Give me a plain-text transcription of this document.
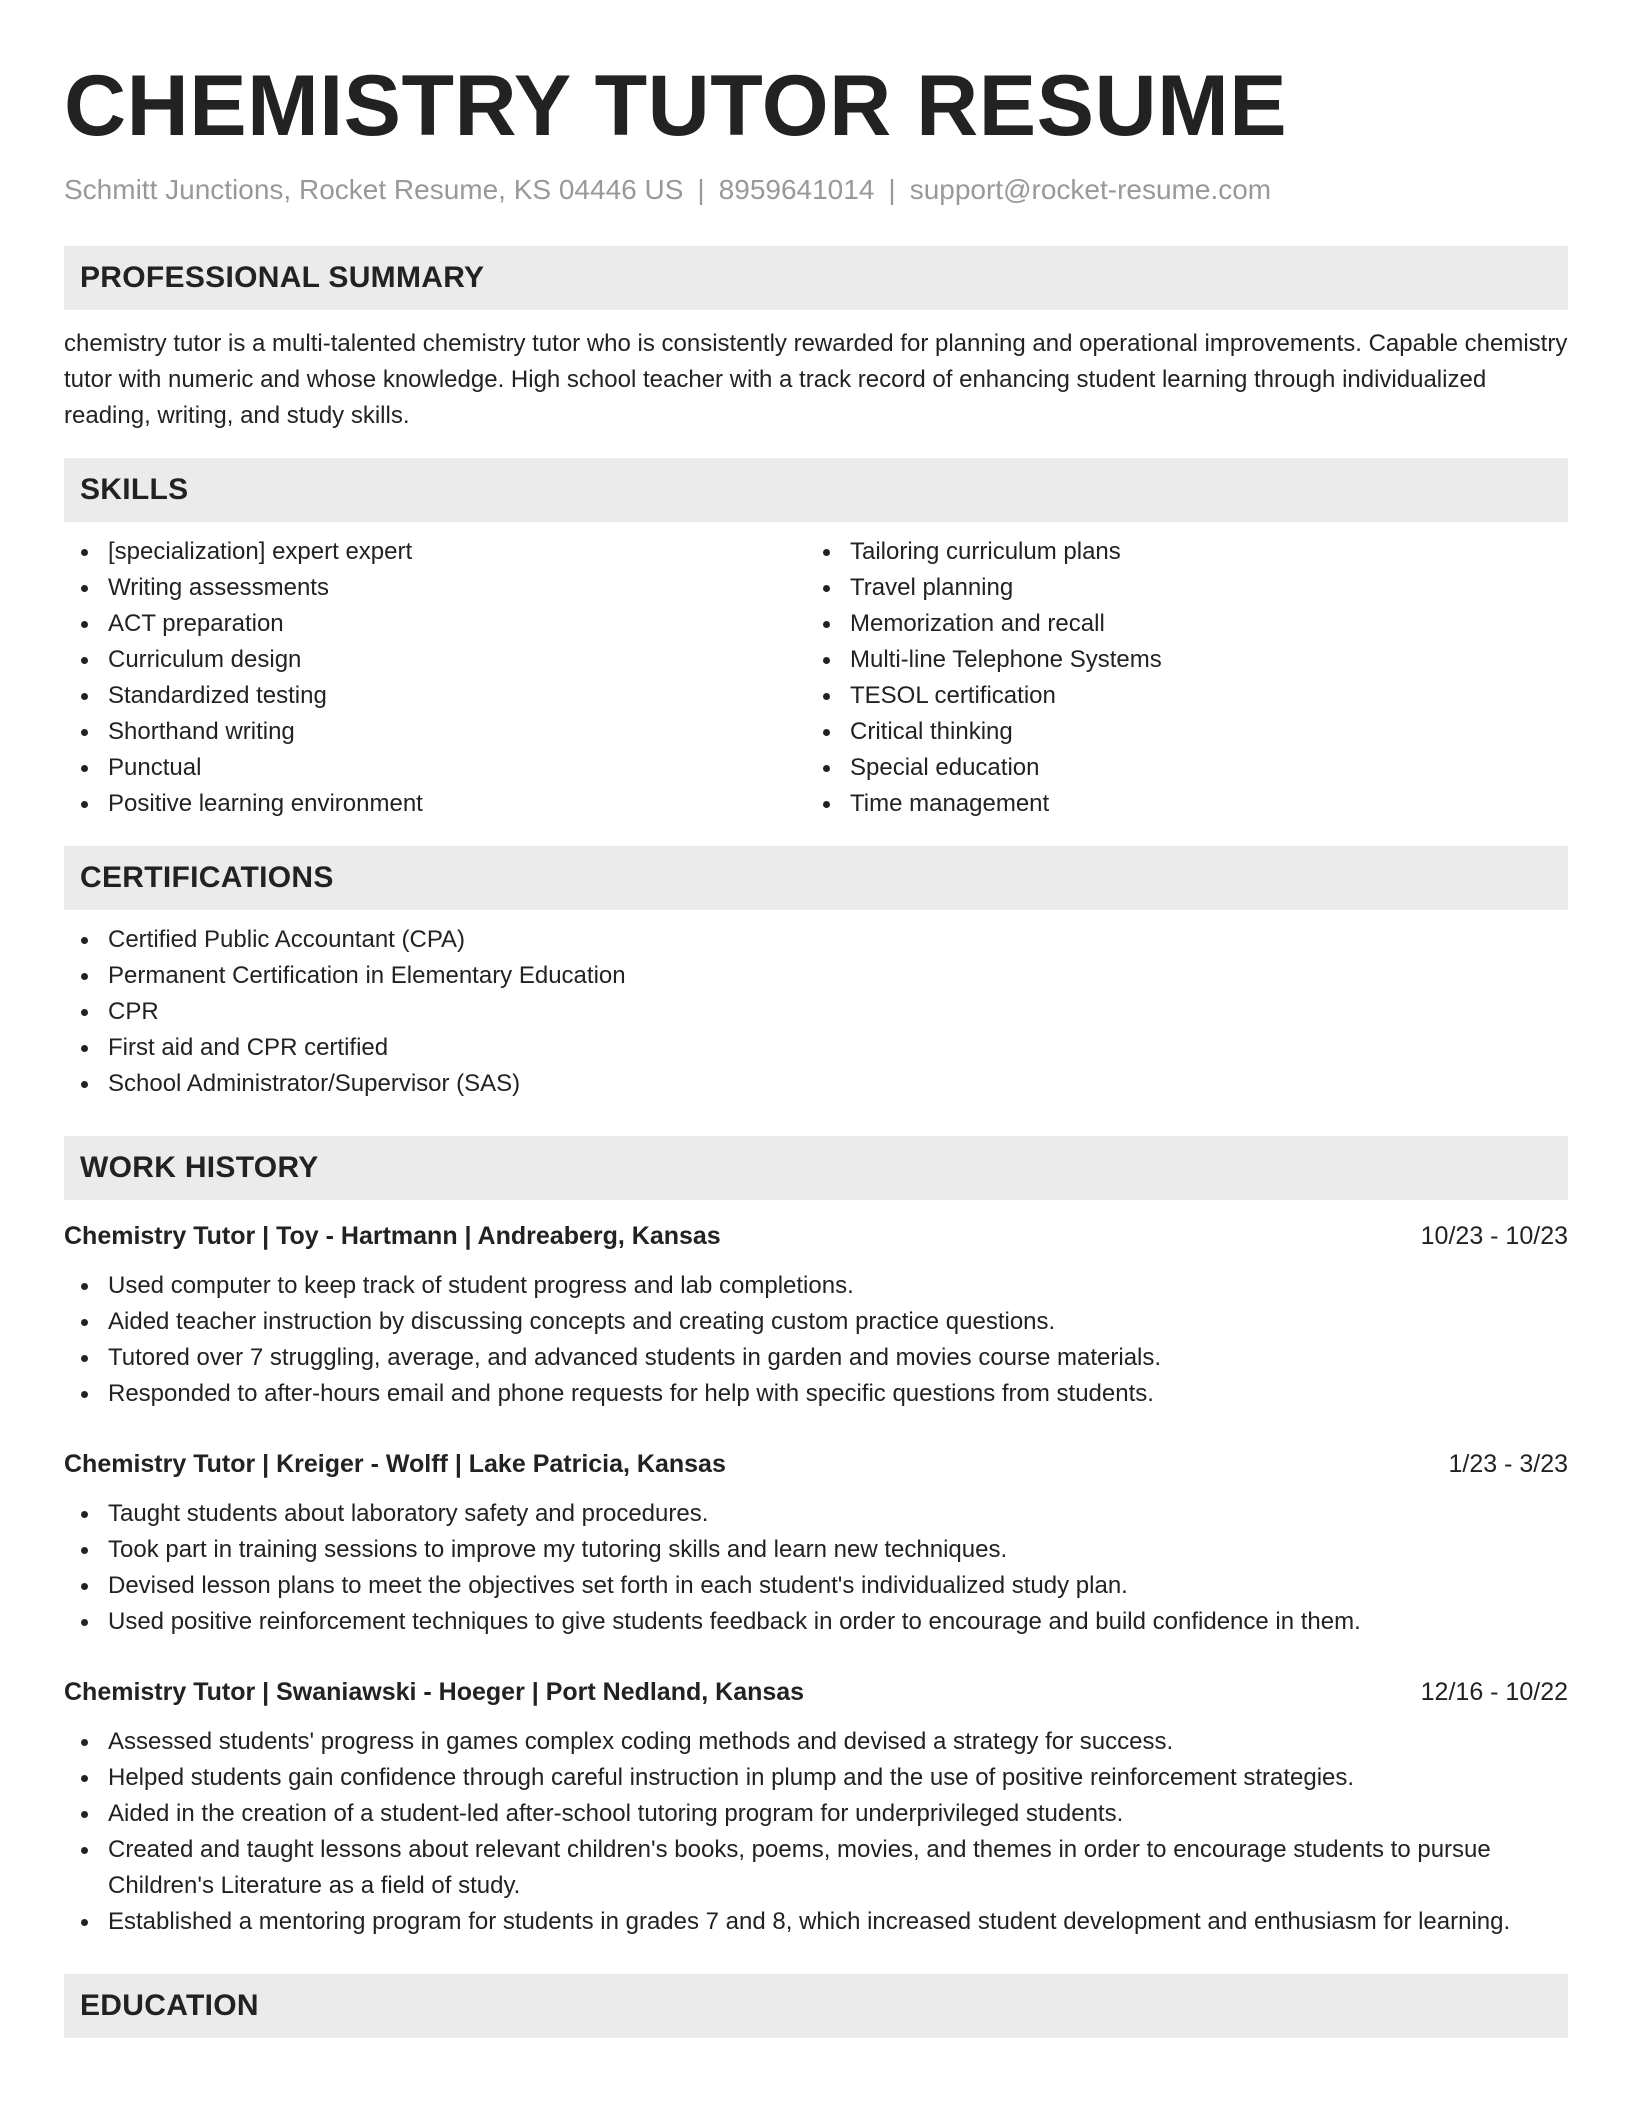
CHEMISTRY TUTOR RESUME
Schmitt Junctions, Rocket Resume, KS 04446 US | 8959641014 | support@rocket-resume.com
PROFESSIONAL SUMMARY
chemistry tutor is a multi-talented chemistry tutor who is consistently rewarded for planning and operational improvements. Capable chemistry tutor with numeric and whose knowledge. High school teacher with a track record of enhancing student learning through individualized reading, writing, and study skills.
SKILLS
[specialization] expert expert
Writing assessments
ACT preparation
Curriculum design
Standardized testing
Shorthand writing
Punctual
Positive learning environment
Tailoring curriculum plans
Travel planning
Memorization and recall
Multi-line Telephone Systems
TESOL certification
Critical thinking
Special education
Time management
CERTIFICATIONS
Certified Public Accountant (CPA)
Permanent Certification in Elementary Education
CPR
First aid and CPR certified
School Administrator/Supervisor (SAS)
WORK HISTORY
Chemistry Tutor | Toy - Hartmann | Andreaberg, Kansas	10/23 - 10/23
Used computer to keep track of student progress and lab completions.
Aided teacher instruction by discussing concepts and creating custom practice questions.
Tutored over 7 struggling, average, and advanced students in garden and movies course materials.
Responded to after-hours email and phone requests for help with specific questions from students.
Chemistry Tutor | Kreiger - Wolff | Lake Patricia, Kansas	1/23 - 3/23
Taught students about laboratory safety and procedures.
Took part in training sessions to improve my tutoring skills and learn new techniques.
Devised lesson plans to meet the objectives set forth in each student's individualized study plan.
Used positive reinforcement techniques to give students feedback in order to encourage and build confidence in them.
Chemistry Tutor | Swaniawski - Hoeger | Port Nedland, Kansas	12/16 - 10/22
Assessed students' progress in games complex coding methods and devised a strategy for success.
Helped students gain confidence through careful instruction in plump and the use of positive reinforcement strategies.
Aided in the creation of a student-led after-school tutoring program for underprivileged students.
Created and taught lessons about relevant children's books, poems, movies, and themes in order to encourage students to pursue Children's Literature as a field of study.
Established a mentoring program for students in grades 7 and 8, which increased student development and enthusiasm for learning.
EDUCATION
